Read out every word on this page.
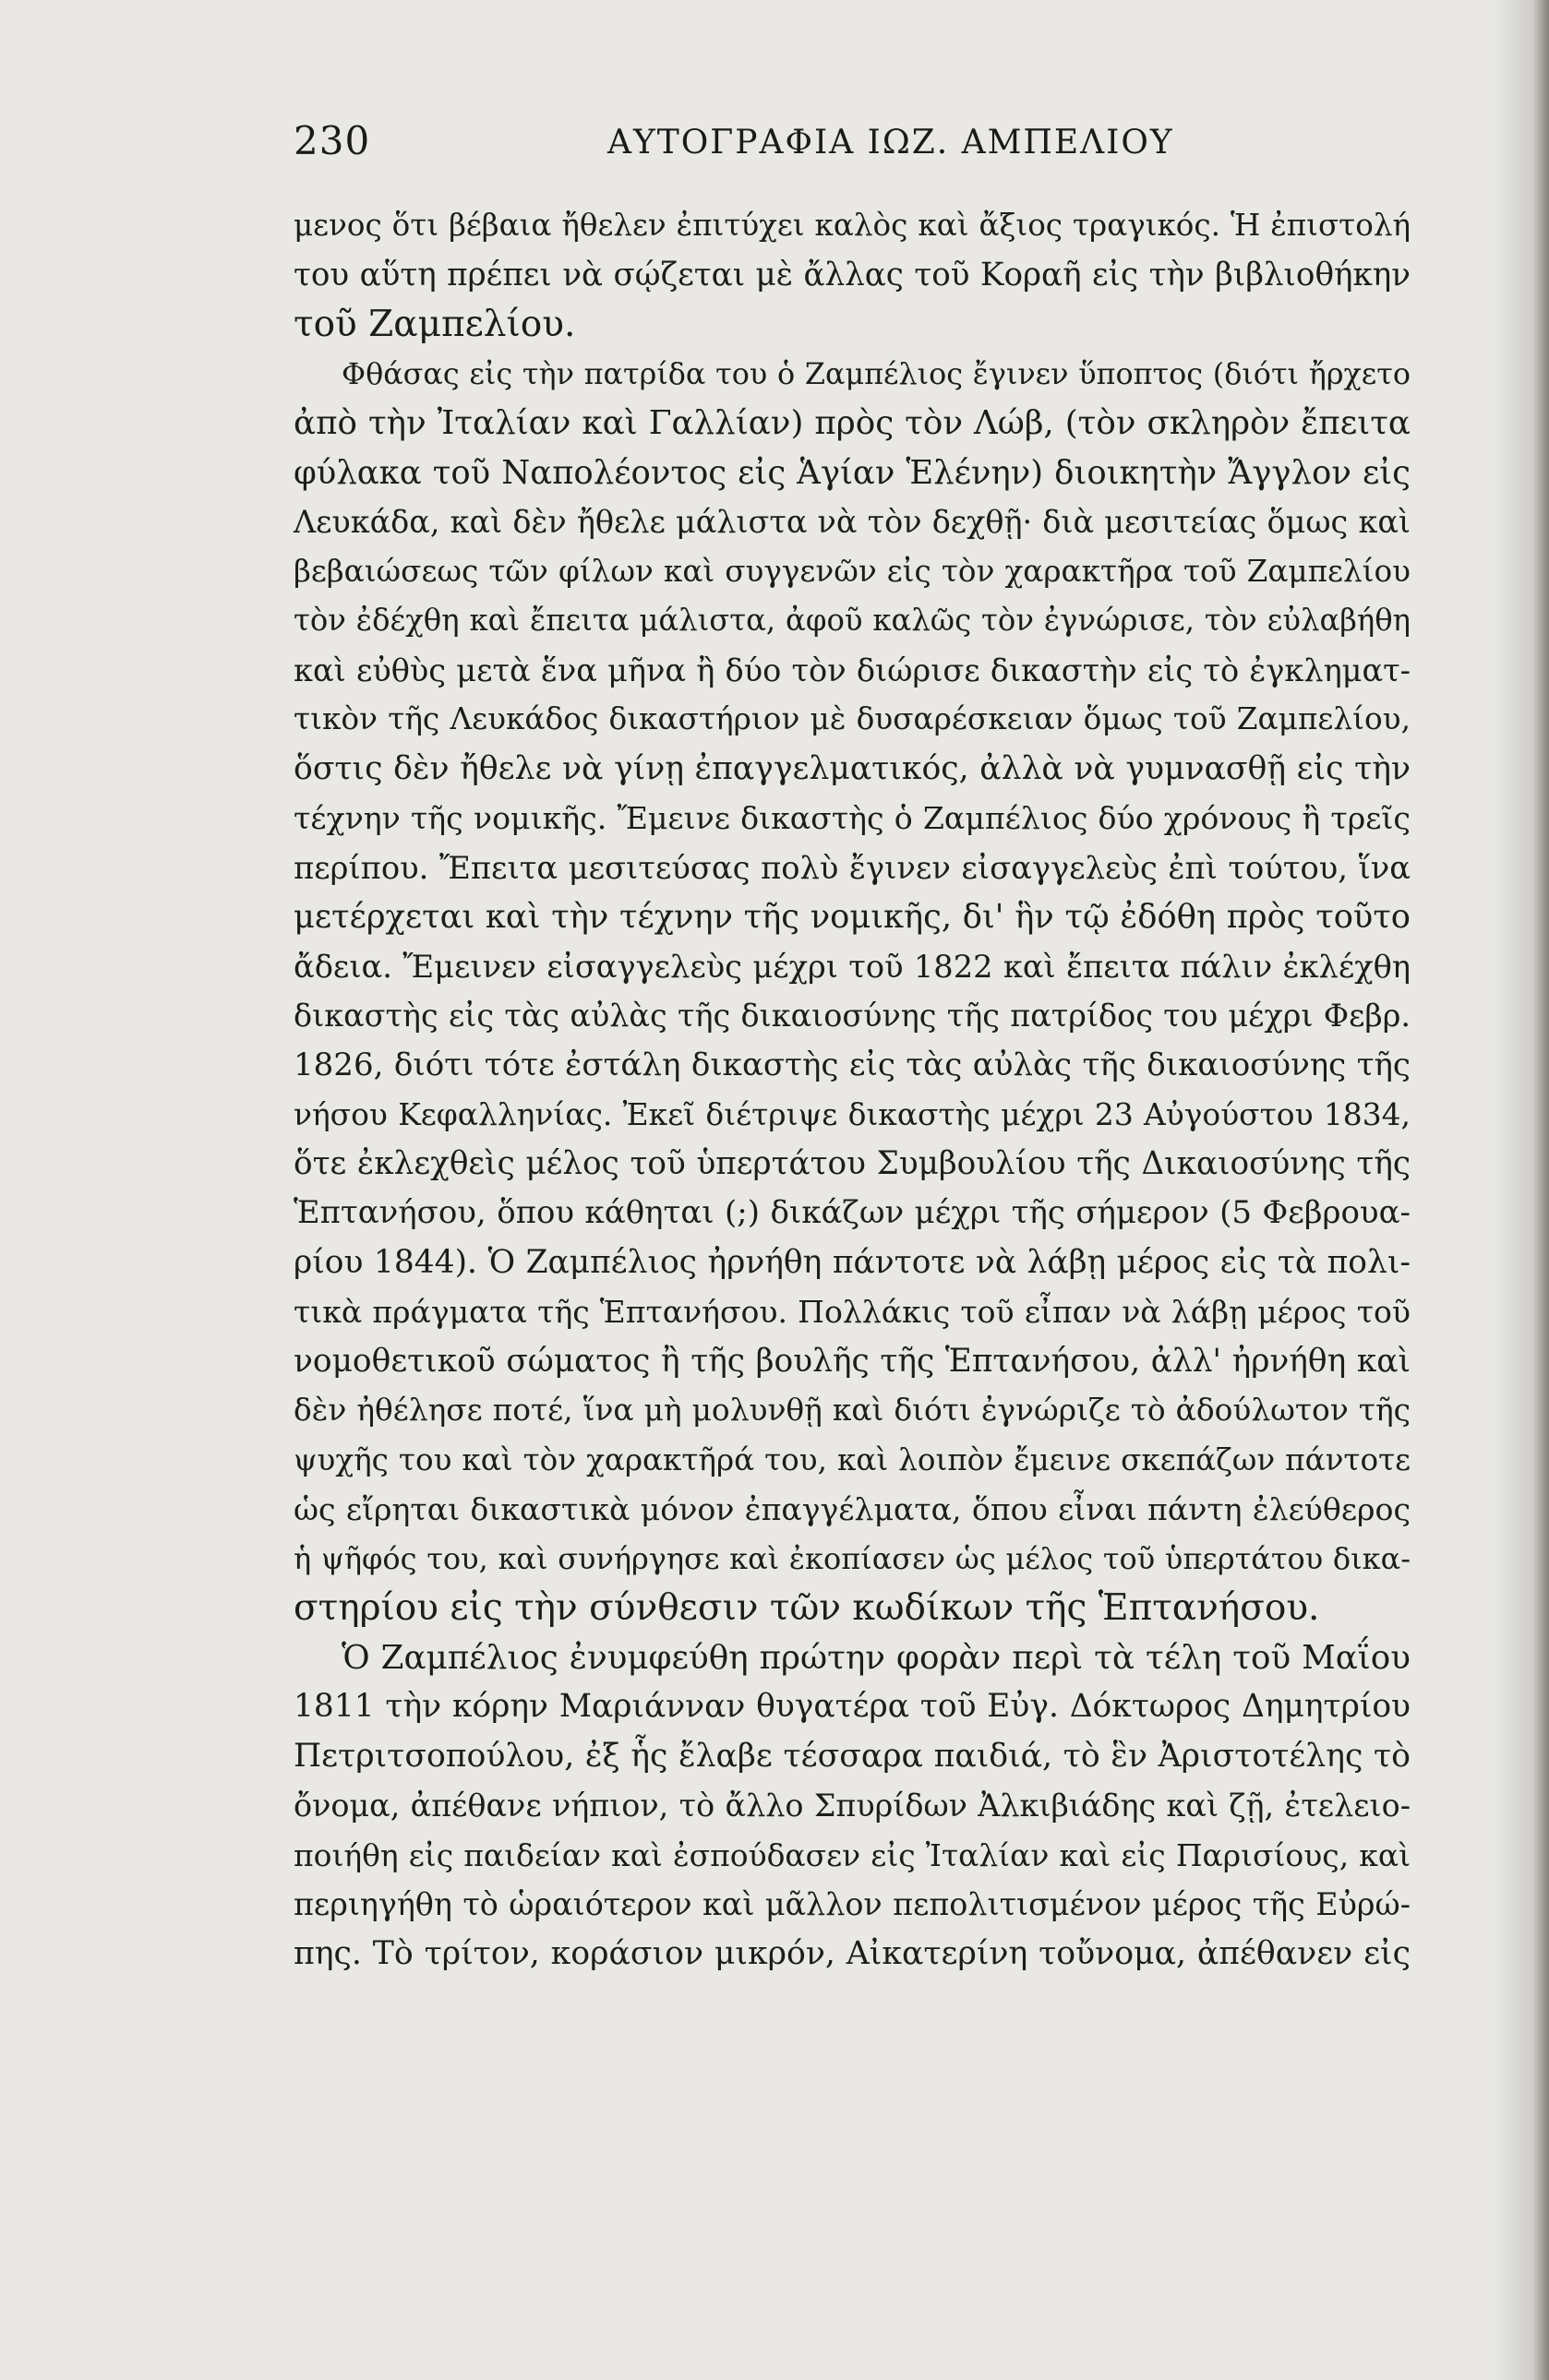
230	ΑΥΤΟΓΡΑΦΙΑ ΙΩΖ. ΑΜΠΕΛΙΟΥ
μενος ὅτι βέβαια ἤθελεν ἐπιτύχει καλὸς καὶ ἄξιος τραγικός. Ἡ ἐπιστολή
του αὕτη πρέπει νὰ σῴζεται μὲ ἄλλας τοῦ Κοραῆ εἰς τὴν βιβλιοθήκην
τοῦ Ζαμπελίου.
Φθάσας εἰς τὴν πατρίδα του ὁ Ζαμπέλιος ἔγινεν ὕποπτος (διότι ἤρχετο
ἀπὸ τὴν Ἰταλίαν καὶ Γαλλίαν) πρὸς τὸν Λώβ, (τὸν σκληρὸν ἔπειτα
φύλακα τοῦ Ναπολέοντος εἰς Ἁγίαν Ἑλένην) διοικητὴν Ἄγγλον εἰς
Λευκάδα, καὶ δὲν ἤθελε μάλιστα νὰ τὸν δεχθῇ· διὰ μεσιτείας ὅμως καὶ
βεβαιώσεως τῶν φίλων καὶ συγγενῶν εἰς τὸν χαρακτῆρα τοῦ Ζαμπελίου
τὸν ἐδέχθη καὶ ἔπειτα μάλιστα, ἀφοῦ καλῶς τὸν ἐγνώρισε, τὸν εὐλαβήθη
καὶ εὐθὺς μετὰ ἕνα μῆνα ἢ δύο τὸν διώρισε δικαστὴν εἰς τὸ ἐγκληματ-
τικὸν τῆς Λευκάδος δικαστήριον μὲ δυσαρέσκειαν ὅμως τοῦ Ζαμπελίου,
ὅστις δὲν ἤθελε νὰ γίνῃ ἐπαγγελματικός, ἀλλὰ νὰ γυμνασθῇ εἰς τὴν
τέχνην τῆς νομικῆς. Ἔμεινε δικαστὴς ὁ Ζαμπέλιος δύο χρόνους ἢ τρεῖς
περίπου. Ἔπειτα μεσιτεύσας πολὺ ἔγινεν εἰσαγγελεὺς ἐπὶ τούτου, ἵνα
μετέρχεται καὶ τὴν τέχνην τῆς νομικῆς, δι' ἣν τῷ ἐδόθη πρὸς τοῦτο
ἄδεια. Ἔμεινεν εἰσαγγελεὺς μέχρι τοῦ 1822 καὶ ἔπειτα πάλιν ἐκλέχθη
δικαστὴς εἰς τὰς αὐλὰς τῆς δικαιοσύνης τῆς πατρίδος του μέχρι Φεβρ.
1826, διότι τότε ἐστάλη δικαστὴς εἰς τὰς αὐλὰς τῆς δικαιοσύνης τῆς
νήσου Κεφαλληνίας. Ἐκεῖ διέτριψε δικαστὴς μέχρι 23 Αὐγούστου 1834,
ὅτε ἐκλεχθεὶς μέλος τοῦ ὑπερτάτου Συμβουλίου τῆς Δικαιοσύνης τῆς
Ἑπτανήσου, ὅπου κάθηται (;) δικάζων μέχρι τῆς σήμερον (5 Φεβρουα-
ρίου 1844). Ὁ Ζαμπέλιος ἠρνήθη πάντοτε νὰ λάβῃ μέρος εἰς τὰ πολι-
τικὰ πράγματα τῆς Ἑπτανήσου. Πολλάκις τοῦ εἶπαν νὰ λάβῃ μέρος τοῦ
νομοθετικοῦ σώματος ἢ τῆς βουλῆς τῆς Ἑπτανήσου, ἀλλ' ἠρνήθη καὶ
δὲν ἠθέλησε ποτέ, ἵνα μὴ μολυνθῇ καὶ διότι ἐγνώριζε τὸ ἀδούλωτον τῆς
ψυχῆς του καὶ τὸν χαρακτῆρά του, καὶ λοιπὸν ἔμεινε σκεπάζων πάντοτε
ὡς εἴρηται δικαστικὰ μόνον ἐπαγγέλματα, ὅπου εἶναι πάντη ἐλεύθερος
ἡ ψῆφός του, καὶ συνήργησε καὶ ἐκοπίασεν ὡς μέλος τοῦ ὑπερτάτου δικα-
στηρίου εἰς τὴν σύνθεσιν τῶν κωδίκων τῆς Ἑπτανήσου.
Ὁ Ζαμπέλιος ἐνυμφεύθη πρώτην φορὰν περὶ τὰ τέλη τοῦ Μαΐου
1811 τὴν κόρην Μαριάνναν θυγατέρα τοῦ Εὐγ. Δόκτωρος Δημητρίου
Πετριτσοπούλου, ἐξ ἧς ἔλαβε τέσσαρα παιδιά, τὸ ἓν Ἀριστοτέλης τὸ
ὄνομα, ἀπέθανε νήπιον, τὸ ἄλλο Σπυρίδων Ἀλκιβιάδης καὶ ζῇ, ἐτελειο-
ποιήθη εἰς παιδείαν καὶ ἐσπούδασεν εἰς Ἰταλίαν καὶ εἰς Παρισίους, καὶ
περιηγήθη τὸ ὡραιότερον καὶ μᾶλλον πεπολιτισμένον μέρος τῆς Εὐρώ-
πης. Τὸ τρίτον, κοράσιον μικρόν, Αἰκατερίνη τοὔνομα, ἀπέθανεν εἰς
